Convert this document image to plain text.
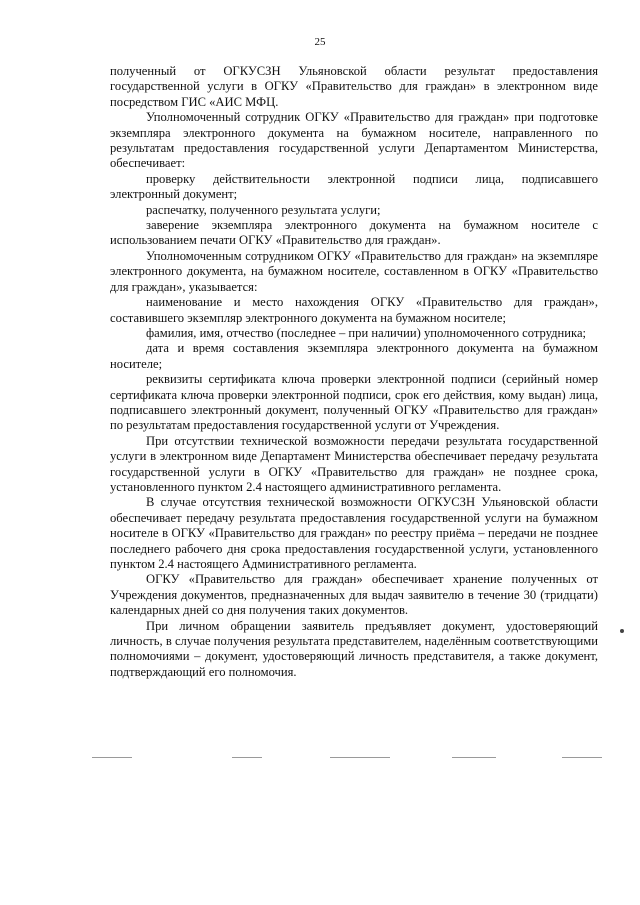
25

полученный от ОГКУСЗН Ульяновской области результат предоставления государственной услуги в ОГКУ «Правительство для граждан» в электронном виде посредством ГИС «АИС МФЦ.

Уполномоченный сотрудник ОГКУ «Правительство для граждан» при подготовке экземпляра электронного документа на бумажном носителе, направленного по результатам предоставления государственной услуги Департаментом Министерства, обеспечивает:

проверку действительности электронной подписи лица, подписавшего электронный документ;

распечатку, полученного результата услуги;

заверение экземпляра электронного документа на бумажном носителе с использованием печати ОГКУ «Правительство для граждан».

Уполномоченным сотрудником ОГКУ «Правительство для граждан» на экземпляре электронного документа, на бумажном носителе, составленном в ОГКУ «Правительство для граждан», указывается:

наименование и место нахождения ОГКУ «Правительство для граждан», составившего экземпляр электронного документа на бумажном носителе;

фамилия, имя, отчество (последнее – при наличии) уполномоченного сотрудника;

дата и время составления экземпляра электронного документа на бумажном носителе;

реквизиты сертификата ключа проверки электронной подписи (серийный номер сертификата ключа проверки электронной подписи, срок его действия, кому выдан) лица, подписавшего электронный документ, полученный ОГКУ «Правительство для граждан» по результатам предоставления государственной услуги от Учреждения.

При отсутствии технической возможности передачи результата государственной услуги в электронном виде Департамент Министерства обеспечивает передачу результата государственной услуги в ОГКУ «Правительство для граждан» не позднее срока, установленного пунктом 2.4 настоящего административного регламента.

В случае отсутствия технической возможности ОГКУСЗН Ульяновской области обеспечивает передачу результата предоставления государственной услуги на бумажном носителе в ОГКУ «Правительство для граждан» по реестру приёма – передачи не позднее последнего рабочего дня срока предоставления государственной услуги, установленного пунктом 2.4 настоящего Административного регламента.

ОГКУ «Правительство для граждан» обеспечивает хранение полученных от Учреждения документов, предназначенных для выдач заявителю в течение 30 (тридцати) календарных дней со дня получения таких документов.

При личном обращении заявитель предъявляет документ, удостоверяющий личность, в случае получения результата представителем, наделённым соответствующими полномочиями – документ, удостоверяющий личность представителя, а также документ, подтверждающий его полномочия.
